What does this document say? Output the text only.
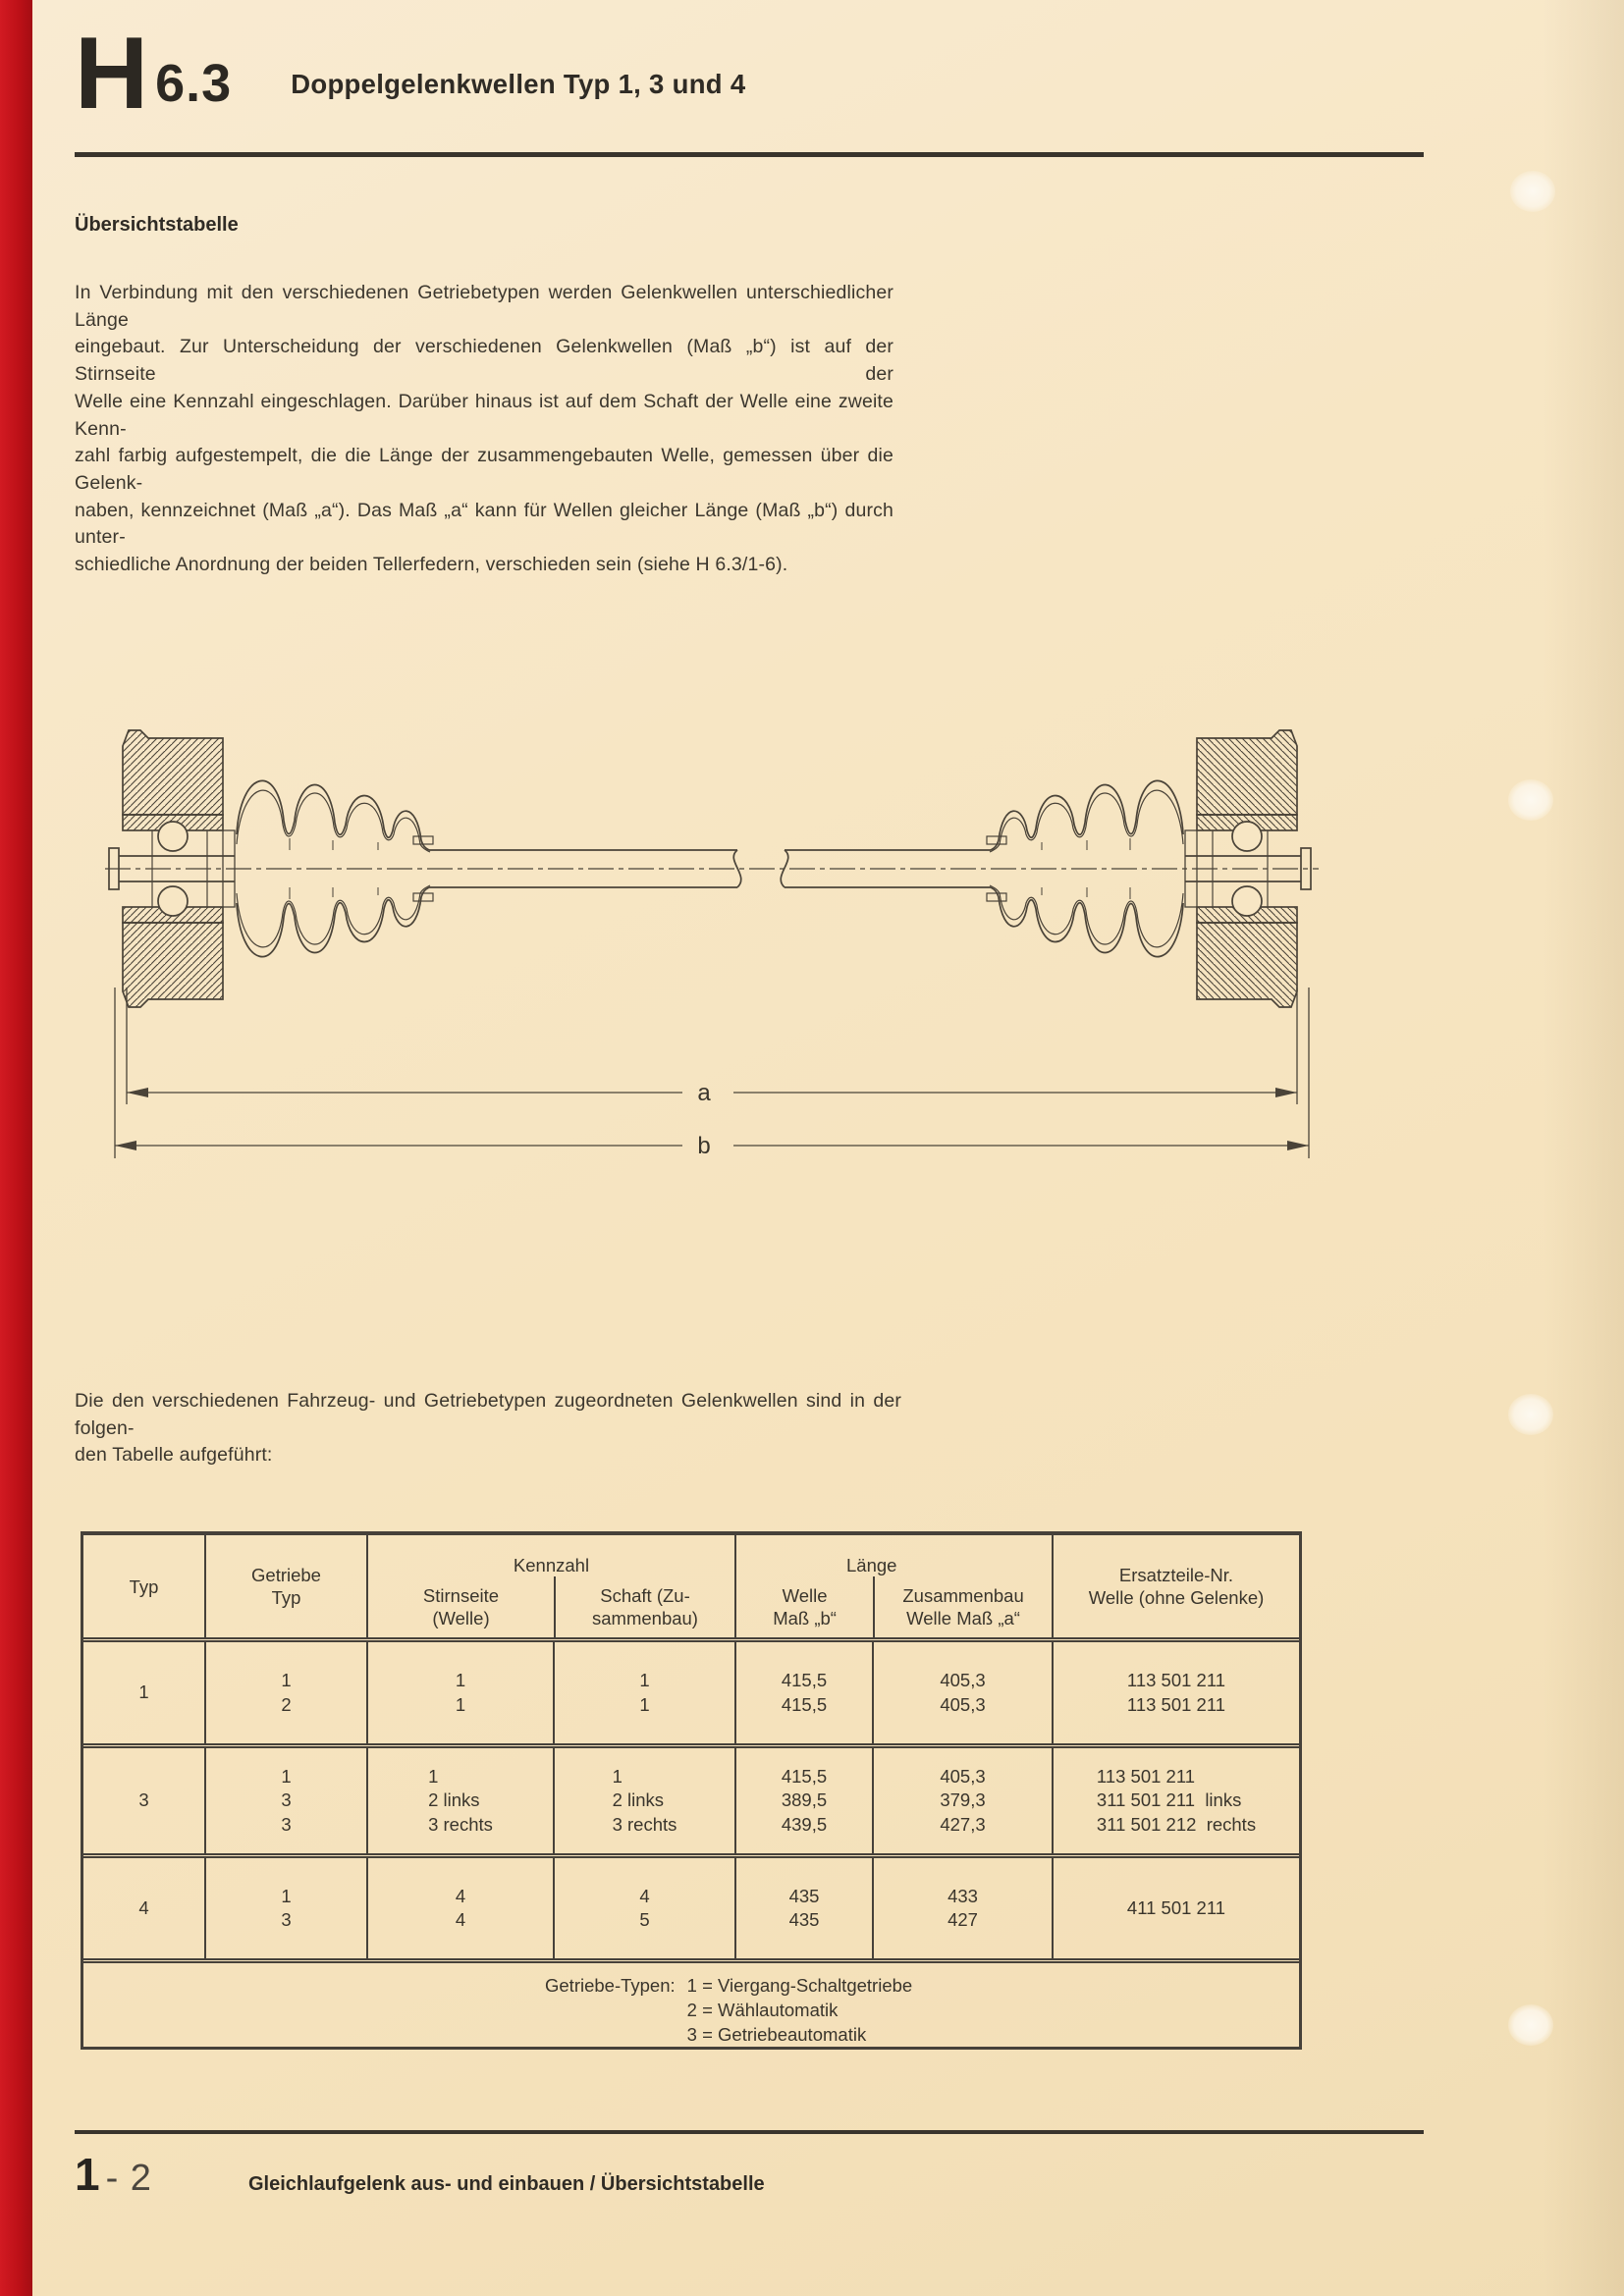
H 6.3 Doppelgelenkwellen Typ 1, 3 und 4
Übersichtstabelle
In Verbindung mit den verschiedenen Getriebetypen werden Gelenkwellen unterschiedlicher Länge
eingebaut. Zur Unterscheidung der verschiedenen Gelenkwellen (Maß „b“) ist auf der Stirnseite der
Welle eine Kennzahl eingeschlagen. Darüber hinaus ist auf dem Schaft der Welle eine zweite Kenn-
zahl farbig aufgestempelt, die die Länge der zusammengebauten Welle, gemessen über die Gelenk-
naben, kennzeichnet (Maß „a“). Das Maß „a“ kann für Wellen gleicher Länge (Maß „b“) durch unter-
schiedliche Anordnung der beiden Tellerfedern, verschieden sein (siehe H 6.3/1-6).
a
b
Die den verschiedenen Fahrzeug- und Getriebetypen zugeordneten Gelenkwellen sind in der folgen-
den Tabelle aufgeführt:
Typ
Getriebe
Typ
Kennzahl
Stirnseite
(Welle)
Schaft (Zu-
sammenbau)
Länge
Welle
Maß „b“
Zusammenbau
Welle Maß „a“
Ersatzteile-Nr.
Welle (ohne Gelenke)
1
1
2
1
1
1
1
415,5
415,5
405,3
405,3
113 501 211
113 501 211
3
1
3
3
1
2 links
3 rechts
1
2 links
3 rechts
415,5
389,5
439,5
405,3
379,3
427,3
113 501 211
311 501 211  links
311 501 212  rechts
4
1
3
4
4
4
5
435
435
433
427
411 501 211
Getriebe-Typen: 1 = Viergang-Schaltgetriebe
2 = Wählautomatik
3 = Getriebeautomatik
1 - 2	Gleichlaufgelenk aus- und einbauen / Übersichtstabelle
